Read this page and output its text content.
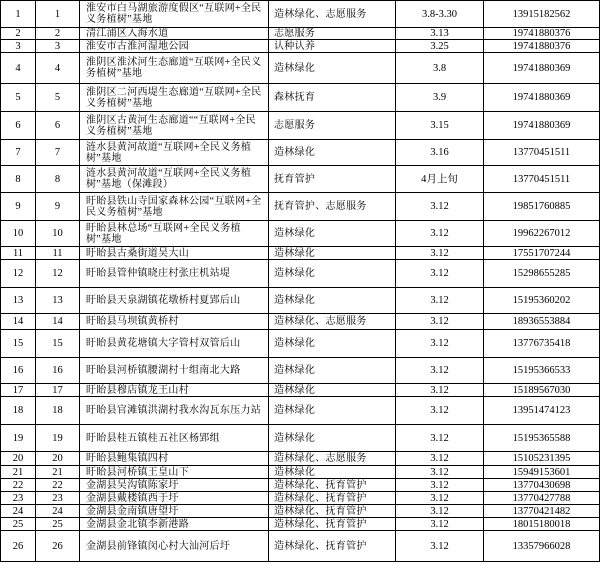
1	1	淮安市白马湖旅游度假区“互联网+全民义务植树”基地	造林绿化、志愿服务	3.8-3.30	13915182562
2	2	清江浦区入海水道	志愿服务	3.13	19741880376
3	3	淮安市古淮河湿地公园	认种认养	3.25	19741880376
4	4	淮阴区淮沭河生态廊道“互联网+全民义务植树”基地	造林绿化	3.8	19741880369
5	5	淮阴区二河西堤生态廊道“互联网+全民义务植树”基地	森林抚育	3.9	19741880369
6	6	淮阴区古黄河生态廊道““互联网+全民义务植树”基地	志愿服务	3.15	19741880369
7	7	涟水县黄河故道“互联网+全民义务植树”基地	造林绿化	3.16	13770451511
8	8	涟水县黄河故道“互联网+全民义务植树”基地（保滩段）	抚育管护	4月上旬	13770451511
9	9	盱眙县铁山寺国家森林公园“互联网+全民义务植树”基地	抚育管护、志愿服务	3.12	19851760885
10	10	盱眙县林总场“互联网+全民义务植树”基地	造林绿化	3.12	19962267012
11	11	盱眙县古桑街道吴大山	造林绿化	3.12	17551707244
12	12	盱眙县管仲镇晓庄村张庄机站堤	造林绿化	3.12	15298655285
13	13	盱眙县天泉湖镇花墩桥村夏郢后山	造林绿化	3.12	15195360202
14	14	盱眙县马坝镇黄桥村	造林绿化、志愿服务	3.12	18936553884
15	15	盱眙县黄花塘镇大字管村双管后山	造林绿化	3.12	13776735418
16	16	盱眙县河桥镇腰湖村十组南北大路	造林绿化	3.12	15195366533
17	17	盱眙县穆店镇龙王山村	造林绿化	3.12	15189567030
18	18	盱眙县官滩镇洪湖村我水沟瓦东压力站	造林绿化	3.12	13951474123
19	19	盱眙县桂五镇桂五社区杨郢组	造林绿化	3.12	15195365588
20	20	盱眙县鲍集镇四村	造林绿化、志愿服务	3.12	15105231395
21	21	盱眙县河桥镇王皇山下	造林绿化	3.12	15949153601
22	22	金湖县吴沟镇陈家圩	造林绿化、抚育管护	3.12	13770430698
23	23	金湖县戴楼镇西于圩	造林绿化、抚育管护	3.12	13770427788
24	24	金湖县金南镇唐望圩	造林绿化、抚育管护	3.12	13770421482
25	25	金湖县金北镇李新港路	造林绿化、抚育管护	3.12	18015180018
26	26	金湖县前锋镇闵心村大汕河后圩	造林绿化、抚育管护	3.12	13357966028
